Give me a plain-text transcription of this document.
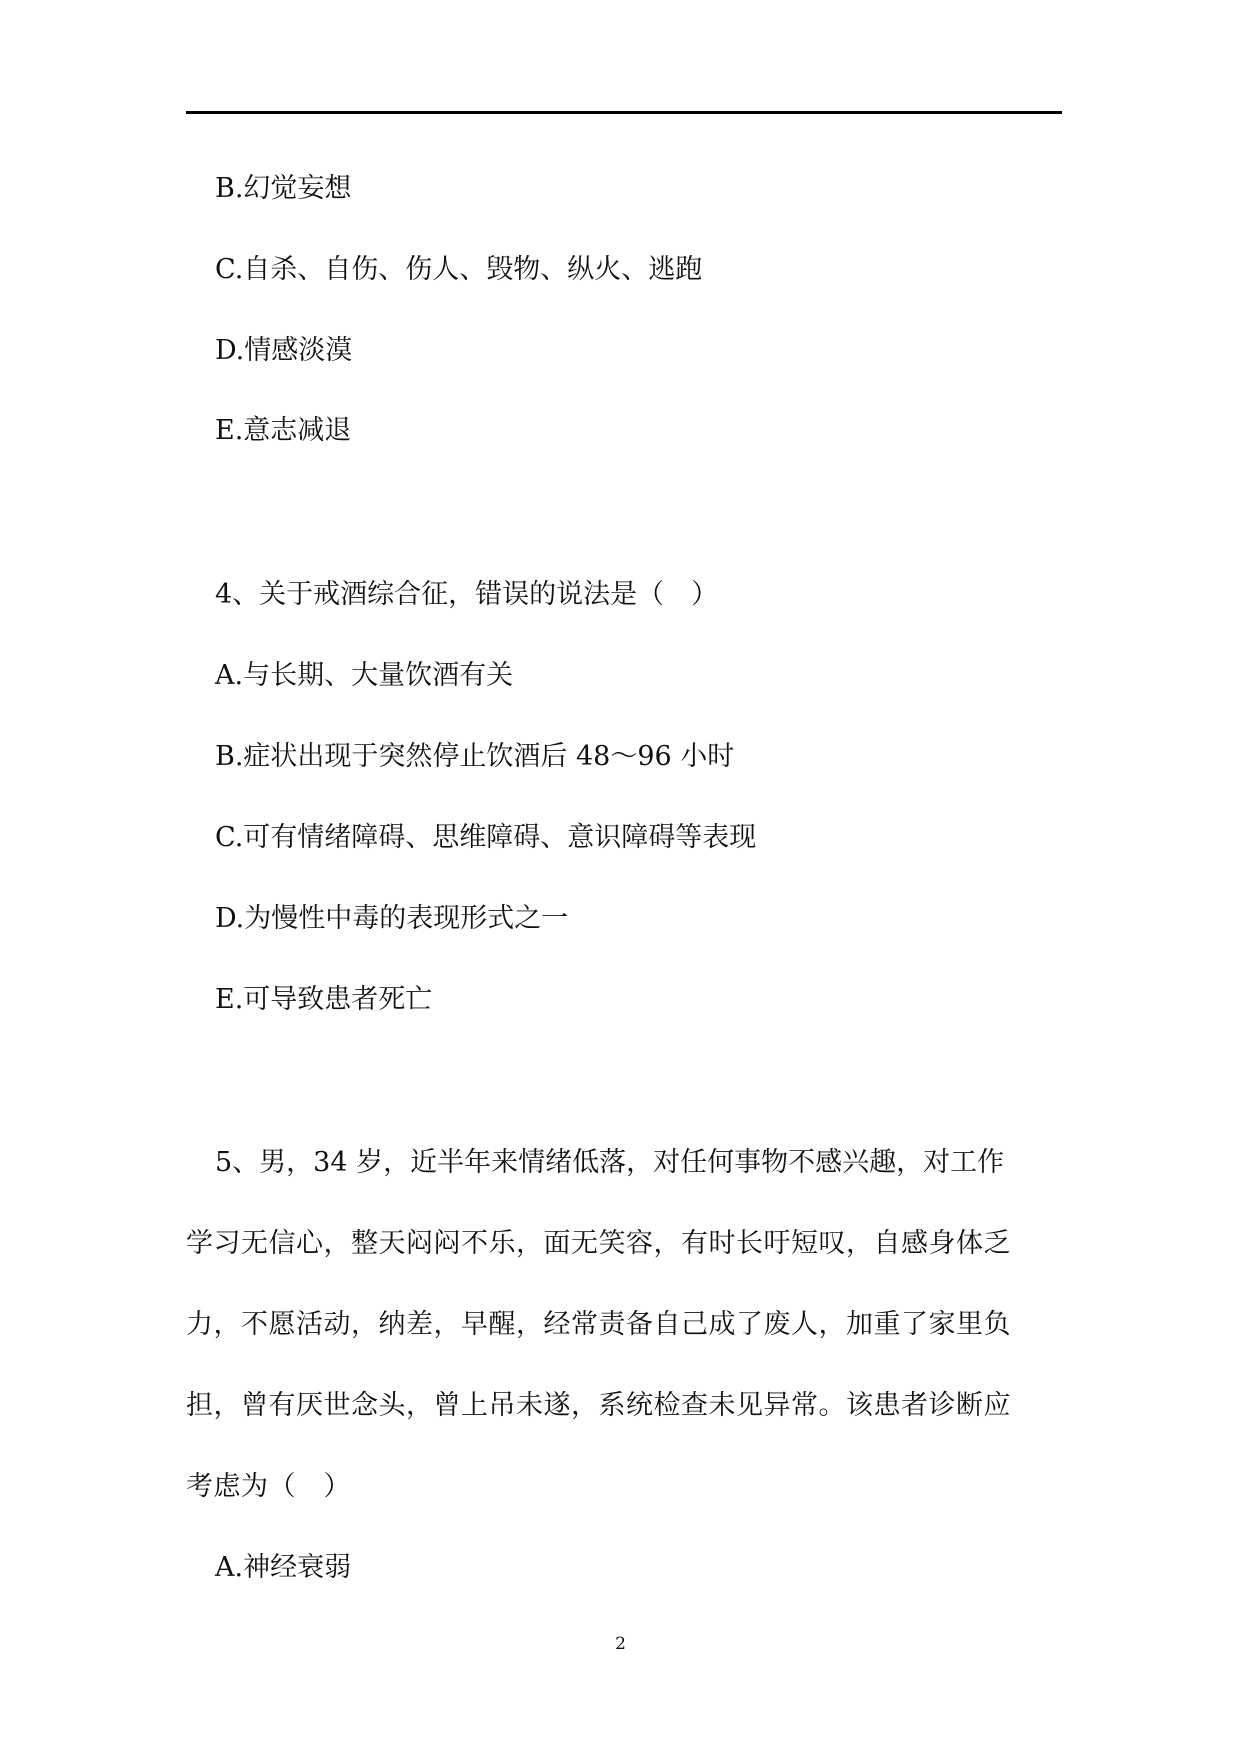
B.幻觉妄想
C.自杀、自伤、伤人、毁物、纵火、逃跑
D.情感淡漠
E.意志减退
4、关于戒酒综合征，错误的说法是（　）
A.与长期、大量饮酒有关
B.症状出现于突然停止饮酒后 48～96 小时
C.可有情绪障碍、思维障碍、意识障碍等表现
D.为慢性中毒的表现形式之一
E.可导致患者死亡
5、男，34 岁，近半年来情绪低落，对任何事物不感兴趣，对工作
学习无信心，整天闷闷不乐，面无笑容，有时长吁短叹，自感身体乏
力，不愿活动，纳差，早醒，经常责备自己成了废人，加重了家里负
担，曾有厌世念头，曾上吊未遂，系统检查未见异常。该患者诊断应
考虑为（　）
A.神经衰弱
2
